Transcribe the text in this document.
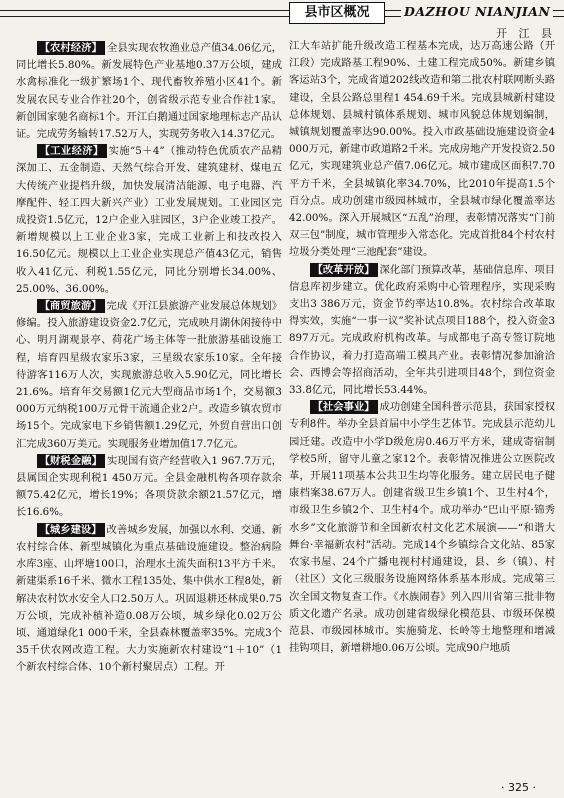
县市区概况	DAZHOU NIANJIAN
开 江 县

【 农村经济 】 全县实现农牧渔业总产值34.06亿元，同比增长5.80%。新发展特色产业基地0.37万公顷，建成水禽标准化一级扩繁场1个、现代畜牧养殖小区41个。新发展农民专业合作社20个，创省级示范专业合作社1家。新创国家驰名商标1个。开江白鹅通过国家地理标志产品认证。完成劳务输转17.52万人，实现劳务收入14.37亿元。

【 工业经济 】 实施“5＋4”（推动特色优质农产品精深加工、五金制造、天然气综合开发、建筑建材、煤电五大传统产业提档升级，加快发展清洁能源、电子电器、汽摩配件、轻工四大新兴产业）工业发展规划。工业园区完成投资1.5亿元，12户企业入驻园区，3户企业竣工投产。新增规模以上工业企业3家，完成工业新上和技改投入16.50亿元。规模以上工业企业实现总产值43亿元，销售收入41亿元、利税1.55亿元，同比分别增长34.00%、25.00%、36.00%。

【 商贸旅游 】 完成《开江县旅游产业发展总体规划》修编。投入旅游建设资金2.7亿元，完成映月湖休闲接待中心、明月湖观景亭、荷花广场主体等一批旅游基础设施工程，培育四星级农家乐3家，三星级农家乐10家。全年接待游客116万人次，实现旅游总收入5.90亿元，同比增长21.6%。培育年交易额1亿元大型商品市场1个，交易额3 000万元纳税100万元骨干流通企业2户。改造乡镇农贸市场15个。完成家电下乡销售额1.29亿元，外贸自营出口创汇完成360万美元。实现服务业增加值17.7亿元。

【 财税金融 】 实现国有资产经营收入1 967.7万元，县属国企实现利税1 450万元。全县金融机构各项存款余额75.42亿元，增长19%；各项贷款余额21.57亿元，增长16.6%。

【 城乡建设 】 改善城乡发展，加强以水利、交通、新农村综合体、新型城镇化为重点基础设施建设。整治病险水库3座、山坪塘100口，治理水土流失面积13平方千米。新建渠系16千米、微水工程135处、集中供水工程8处，新解决农村饮水安全人口2.50万人。巩固退耕还林成果0.75万公顷，完成补植补造0.08万公顷，城乡绿化0.02万公顷、通道绿化1 000千米，全县森林覆盖率35%。完成3个35千伏农网改造工程。大力实施新农村建设“1＋10”（1个新农村综合体、10个新村聚居点）工程。开

江大车站扩能升级改造工程基本完成，达万高速公路（开江段）完成路基工程90%、土建工程完成50%。新建乡镇客运站3个，完成省道202线改造和第二批农村联网断头路建设，全县公路总里程1 454.69千米。完成县城新村建设总体规划、县城村镇体系规划、城市风貌总体规划编制，城镇规划覆盖率达90.00%。投入市政基础设施建设资金4 000万元，新建市政道路2千米。完成房地产开发投资2.50亿元，实现建筑业总产值7.06亿元。城市建成区面积7.70平方千米，全县城镇化率34.70%，比2010年提高1.5个百分点。成功创建市级园林城市，全县城市绿化覆盖率达42.00%。深入开展城区“五乱”治理，表彰情况落实“门前双三包”制度，城市管理步入常态化。完成首批84个村农村垃圾分类处理“三池配套”建设。

【 改革开放 】 深化部门预算改革，基础信息库、项目信息库初步建立。优化政府采购中心管理程序，实现采购支出3 386万元，资金节约率达10.8%。农村综合改革取得实效，实施“一事一议”奖补试点项目188个，投入资金3 897万元。完成政府机构改革。与成都电子高专签订院地合作协议，着力打造高端工模具产业。表彰情况参加渝洽会、西博会等招商活动，全年共引进项目48个，到位资金33.8亿元，同比增长53.44%。

【 社会事业 】 成功创建全国科普示范县，获国家授权专利8件。举办全县首届中小学生艺体节。完成县示范幼儿园迁建。改造中小学D级危房0.46万平方米，建成寄宿制学校5所，留守儿童之家12个。表彰情况推进公立医院改革，开展11项基本公共卫生均等化服务。建立居民电子健康档案38.67万人。创建省级卫生乡镇1个、卫生村4个，市级卫生乡镇2个、卫生村4个。成功举办“巴山平原·锦秀水乡”文化旅游节和全国新农村文化艺术展演——“和谐大舞台·幸福新农村”活动。完成14个乡镇综合文化站、85家农家书屋、24个广播电视村村通建设，县、乡（镇）、村（社区）文化三级服务设施网络体系基本形成。完成第三次全国文物复查工作。《水族闹春》列入四川省第三批非物质文化遗产名录。成功创建省级绿化模范县、市级环保模范县、市级园林城市。实施骑龙、长岭等土地整理和增减挂钩项目，新增耕地0.06万公顷。完成90户地质

· 325 ·
